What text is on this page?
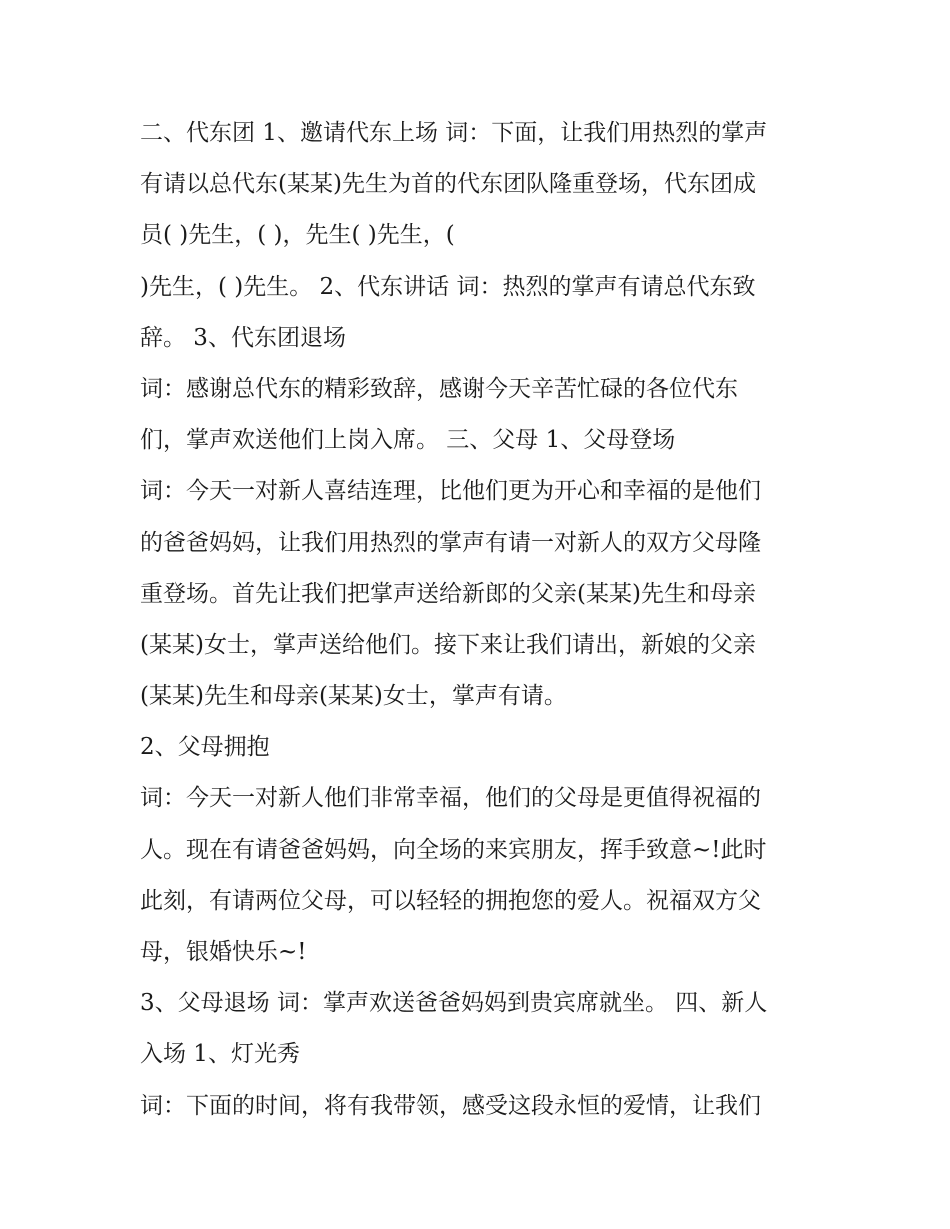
二、代东团 1、邀请代东上场 词：下面，让我们用热烈的掌声
有请以总代东(某某)先生为首的代东团队隆重登场，代东团成
员( )先生，( )，先生( )先生，(
)先生，( )先生。 2、代东讲话 词：热烈的掌声有请总代东致
辞。 3、代东团退场
词：感谢总代东的精彩致辞，感谢今天辛苦忙碌的各位代东
们，掌声欢送他们上岗入席。 三、父母 1、父母登场
词：今天一对新人喜结连理，比他们更为开心和幸福的是他们
的爸爸妈妈，让我们用热烈的掌声有请一对新人的双方父母隆
重登场。首先让我们把掌声送给新郎的父亲(某某)先生和母亲
(某某)女士，掌声送给他们。接下来让我们请出，新娘的父亲
(某某)先生和母亲(某某)女士，掌声有请。
2、父母拥抱
词：今天一对新人他们非常幸福，他们的父母是更值得祝福的
人。现在有请爸爸妈妈，向全场的来宾朋友，挥手致意~!此时
此刻，有请两位父母，可以轻轻的拥抱您的爱人。祝福双方父
母，银婚快乐~!
3、父母退场 词：掌声欢送爸爸妈妈到贵宾席就坐。 四、新人
入场 1、灯光秀
词：下面的时间，将有我带领，感受这段永恒的爱情，让我们
